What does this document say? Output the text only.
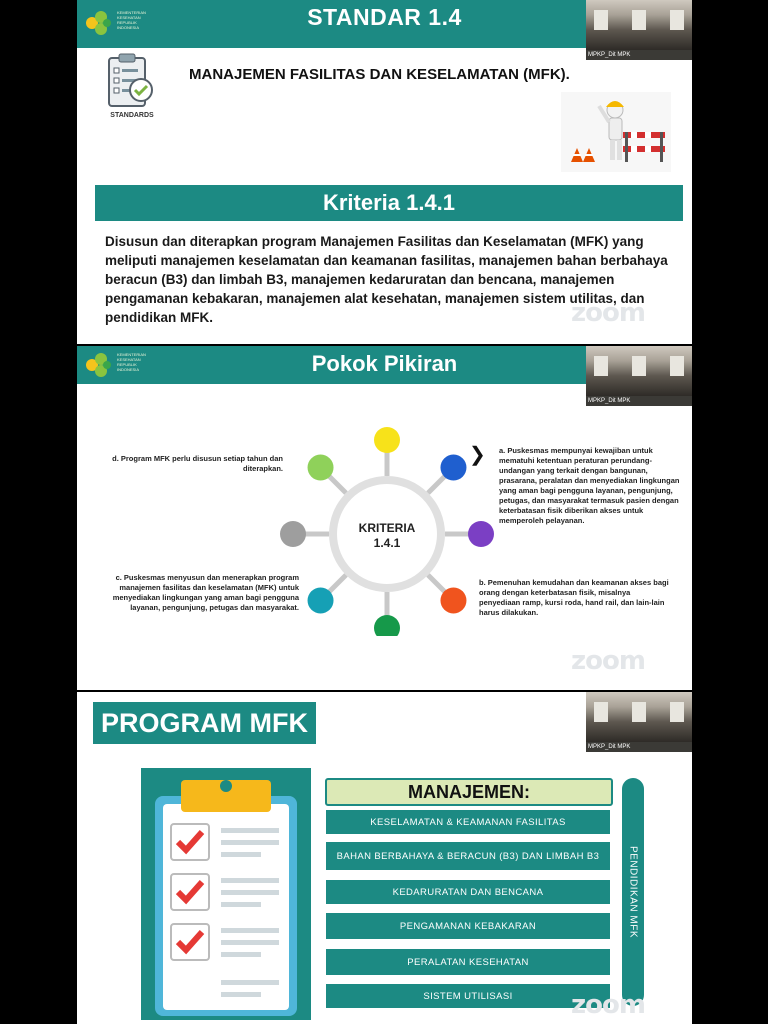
KEMENTERIAN
KESEHATAN
REPUBLIK
INDONESIA	STANDAR 1.4
MPKP_Dit MPK
STANDARDS
MANAJEMEN FASILITAS DAN KESELAMATAN (MFK).
Kriteria 1.4.1
Disusun dan diterapkan program Manajemen Fasilitas dan Keselamatan (MFK) yang meliputi manajemen keselamatan dan keamanan fasilitas, manajemen bahan berbahaya beracun (B3) dan limbah B3, manajemen kedaruratan dan bencana, manajemen pengamanan kebakaran, manajemen alat kesehatan, manajemen sistem utilitas, dan pendidikan MFK.	zoom
KEMENTERIAN
KESEHATAN
REPUBLIK
INDONESIA	Pokok Pikiran
MPKP_Dit MPK
KRITERIA
1.4.1
❯ a. Puskesmas mempunyai kewajiban untuk mematuhi ketentuan peraturan perundang-undangan yang terkait dengan bangunan, prasarana, peralatan dan menyediakan lingkungan yang aman bagi pengguna layanan, pengunjung, petugas, dan masyarakat termasuk pasien dengan keterbatasan fisik diberikan akses untuk memperoleh pelayanan.
b. Pemenuhan kemudahan dan keamanan akses bagi orang dengan keterbatasan fisik, misalnya penyediaan ramp, kursi roda, hand rail, dan lain-lain harus dilakukan.
c. Puskesmas menyusun dan menerapkan program manajemen fasilitas dan keselamatan (MFK) untuk menyediakan lingkungan yang aman bagi pengguna layanan, pengunjung, petugas dan masyarakat.
d. Program MFK perlu disusun setiap tahun dan diterapkan.
zoom
PROGRAM MFK
MPKP_Dit MPK
MANAJEMEN:
KESELAMATAN & KEAMANAN FASILITAS
BAHAN BERBAHAYA & BERACUN (B3) DAN LIMBAH B3
KEDARURATAN DAN BENCANA
PENGAMANAN KEBAKARAN
PERALATAN KESEHATAN
SISTEM UTILISASI
PENDIDIKAN MFK
zoom
